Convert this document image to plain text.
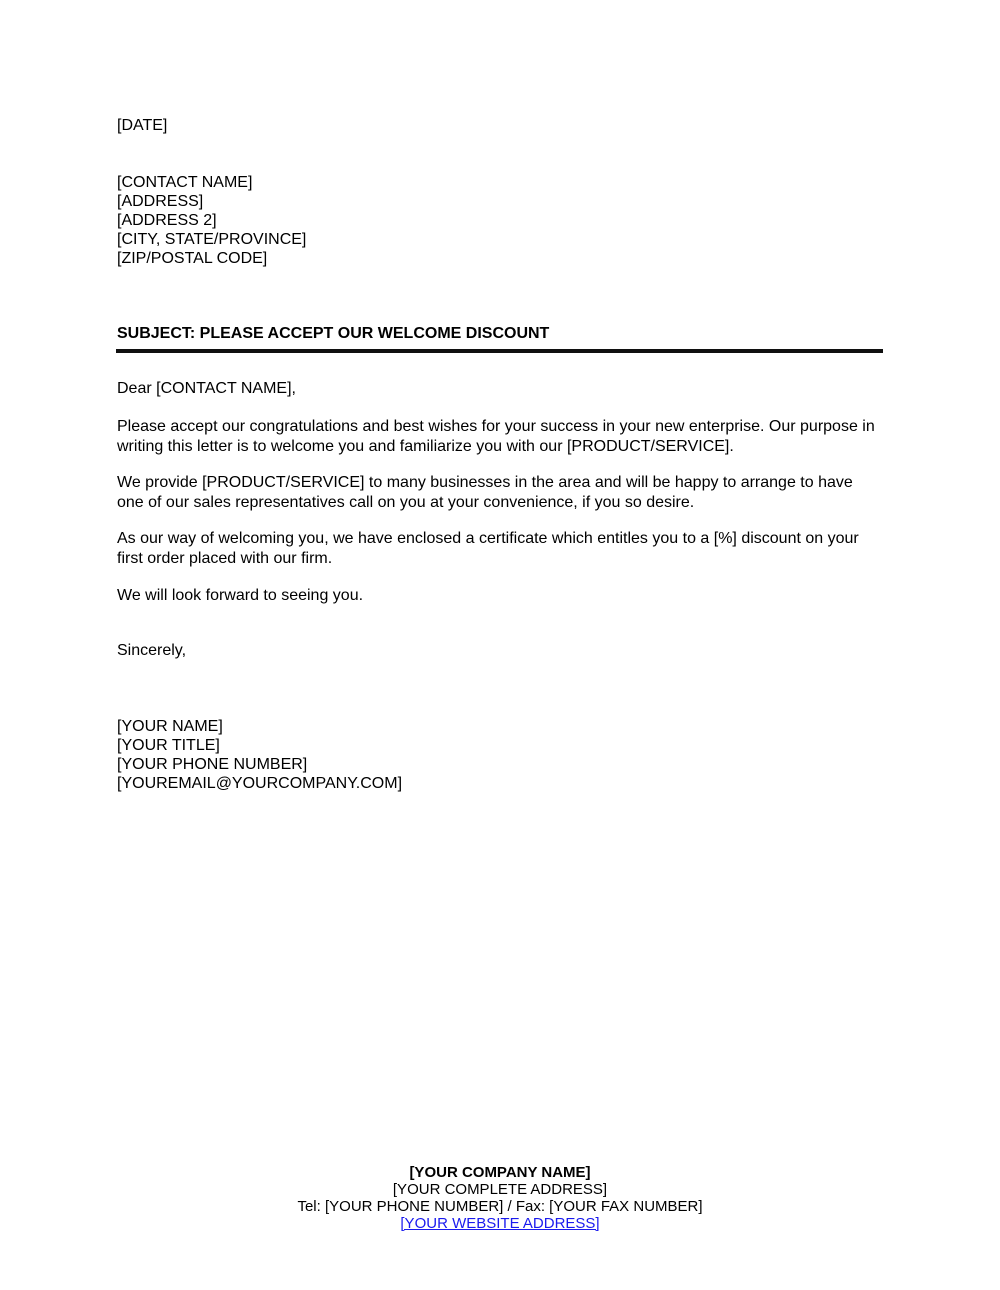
[DATE]
[CONTACT NAME]
[ADDRESS]
[ADDRESS 2]
[CITY, STATE/PROVINCE]
[ZIP/POSTAL CODE]
SUBJECT: PLEASE ACCEPT OUR WELCOME DISCOUNT
Dear [CONTACT NAME],
Please accept our congratulations and best wishes for your success in your new enterprise. Our purpose in writing this letter is to welcome you and familiarize you with our [PRODUCT/SERVICE].
We provide [PRODUCT/SERVICE] to many businesses in the area and will be happy to arrange to have one of our sales representatives call on you at your convenience, if you so desire.
As our way of welcoming you, we have enclosed a certificate which entitles you to a [%] discount on your first order placed with our firm.
We will look forward to seeing you.
Sincerely,
[YOUR NAME]
[YOUR TITLE]
[YOUR PHONE NUMBER]
[YOUREMAIL@YOURCOMPANY.COM]
[YOUR COMPANY NAME]
[YOUR COMPLETE ADDRESS]
Tel: [YOUR PHONE NUMBER] / Fax: [YOUR FAX NUMBER]
[YOUR WEBSITE ADDRESS]
